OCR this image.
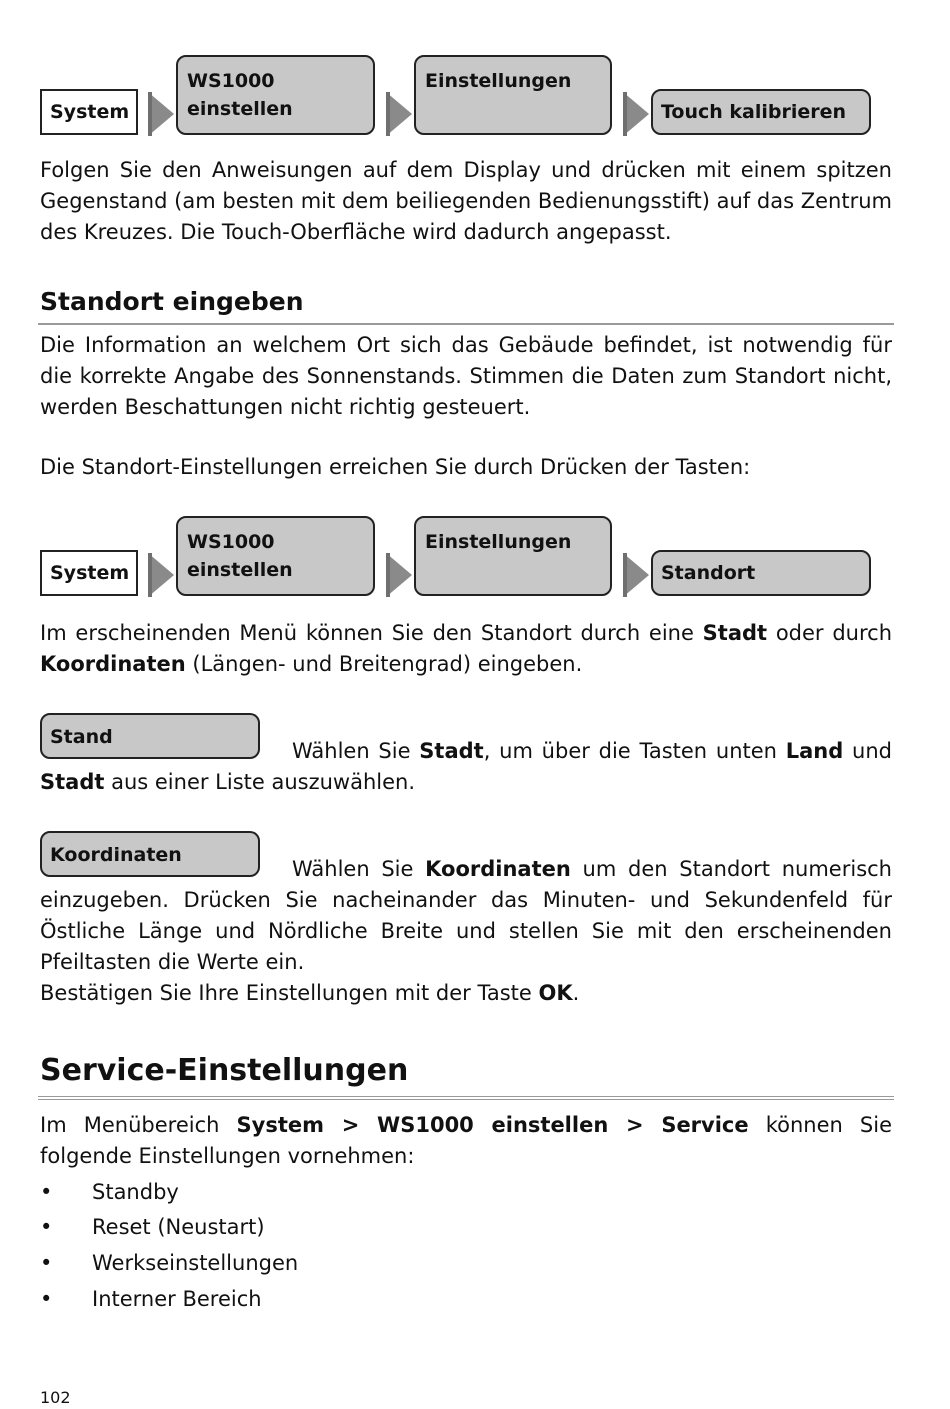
System
WS1000
einstellen
Einstellungen
Touch kalibrieren
Folgen Sie den Anweisungen auf dem Display und drücken mit einem spitzen
Gegenstand (am besten mit dem beiliegenden Bedienungsstift) auf das Zentrum
des Kreuzes. Die Touch-Oberfläche wird dadurch angepasst.
Standort eingeben
Die Information an welchem Ort sich das Gebäude befindet, ist notwendig für
die korrekte Angabe des Sonnenstands. Stimmen die Daten zum Standort nicht,
werden Beschattungen nicht richtig gesteuert.
Die Standort-Einstellungen erreichen Sie durch Drücken der Tasten:
System
WS1000
einstellen
Einstellungen
Standort
Im erscheinenden Menü können Sie den Standort durch eine Stadt oder durch
Koordinaten (Längen- und Breitengrad) eingeben.
Stand
Wählen Sie Stadt, um über die Tasten unten Land und
Stadt aus einer Liste auszuwählen.
Koordinaten
Wählen Sie Koordinaten um den Standort numerisch
einzugeben. Drücken Sie nacheinander das Minuten- und Sekundenfeld für
Östliche Länge und Nördliche Breite und stellen Sie mit den erscheinenden
Pfeiltasten die Werte ein.
Bestätigen Sie Ihre Einstellungen mit der Taste OK.
Service-Einstellungen
Im Menübereich System > WS1000 einstellen > Service können Sie
folgende Einstellungen vornehmen:
• Standby
• Reset (Neustart)
• Werkseinstellungen
• Interner Bereich
102
